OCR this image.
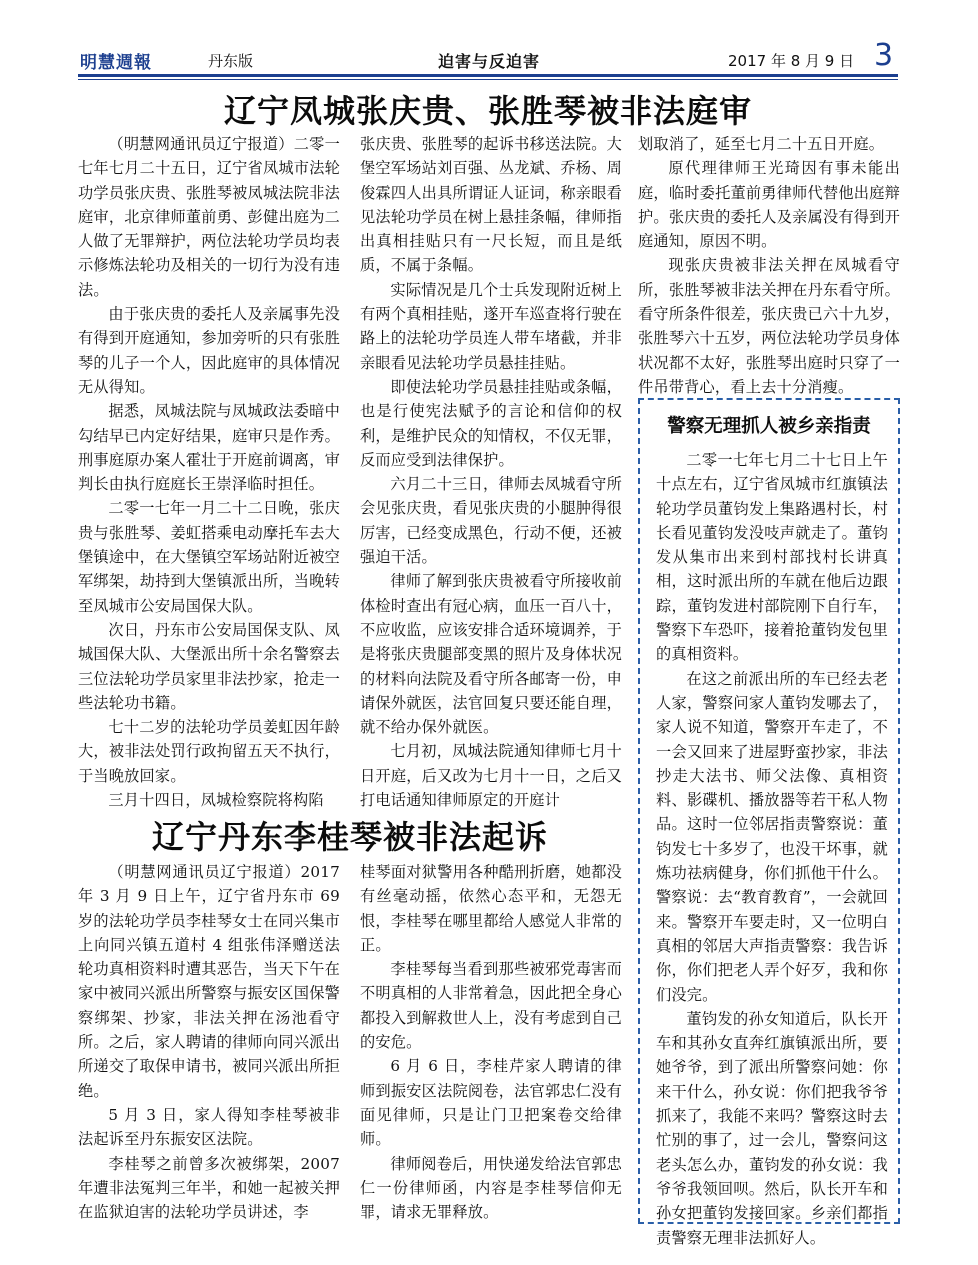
明慧週報	丹东版	迫害与反迫害	2017 年 8 月 9 日 3
辽宁凤城张庆贵、张胜琴被非法庭审

（明慧网通讯员辽宁报道）二零一七年七月二十五日，辽宁省凤城市法轮功学员张庆贵、张胜琴被凤城法院非法庭审，北京律师董前勇、彭健出庭为二人做了无罪辩护，两位法轮功学员均表示修炼法轮功及相关的一切行为没有违法。

由于张庆贵的委托人及亲属事先没有得到开庭通知，参加旁听的只有张胜琴的儿子一个人，因此庭审的具体情况无从得知。

据悉，凤城法院与凤城政法委暗中勾结早已内定好结果，庭审只是作秀。刑事庭原办案人霍壮于开庭前调离，审判长由执行庭庭长王崇泽临时担任。

二零一七年一月二十二日晚，张庆贵与张胜琴、姜虹搭乘电动摩托车去大堡镇途中，在大堡镇空军场站附近被空军绑架，劫持到大堡镇派出所，当晚转至凤城市公安局国保大队。

次日，丹东市公安局国保支队、凤城国保大队、大堡派出所十余名警察去三位法轮功学员家里非法抄家，抢走一些法轮功书籍。

七十二岁的法轮功学员姜虹因年龄大，被非法处罚行政拘留五天不执行，于当晚放回家。

三月十四日，凤城检察院将构陷

张庆贵、张胜琴的起诉书移送法院。大堡空军场站刘百强、丛龙斌、乔杨、周俊霖四人出具所谓证人证词，称亲眼看见法轮功学员在树上悬挂条幅，律师指出真相挂贴只有一尺长短，而且是纸质，不属于条幅。

实际情况是几个士兵发现附近树上有两个真相挂贴，遂开车巡查将行驶在路上的法轮功学员连人带车堵截，并非亲眼看见法轮功学员悬挂挂贴。

即使法轮功学员悬挂挂贴或条幅，也是行使宪法赋予的言论和信仰的权利，是维护民众的知情权，不仅无罪，反而应受到法律保护。

六月二十三日，律师去凤城看守所会见张庆贵，看见张庆贵的小腿肿得很厉害，已经变成黑色，行动不便，还被强迫干活。

律师了解到张庆贵被看守所接收前体检时查出有冠心病，血压一百八十，不应收监，应该安排合适环境调养，于是将张庆贵腿部变黑的照片及身体状况的材料向法院及看守所各邮寄一份，申请保外就医，法官回复只要还能自理，就不给办保外就医。

七月初，凤城法院通知律师七月十日开庭，后又改为七月十一日，之后又打电话通知律师原定的开庭计

划取消了，延至七月二十五日开庭。

原代理律师王光琦因有事未能出庭，临时委托董前勇律师代替他出庭辩护。张庆贵的委托人及亲属没有得到开庭通知，原因不明。

现张庆贵被非法关押在凤城看守所，张胜琴被非法关押在丹东看守所。看守所条件很差，张庆贵已六十九岁，张胜琴六十五岁，两位法轮功学员身体状况都不太好，张胜琴出庭时只穿了一件吊带背心，看上去十分消瘦。

警察无理抓人被乡亲指责

二零一七年七月二十七日上午十点左右，辽宁省凤城市红旗镇法轮功学员董钧发上集路遇村长，村长看见董钧发没吱声就走了。董钧发从集市出来到村部找村长讲真相，这时派出所的车就在他后边跟踪，董钧发进村部院刚下自行车，警察下车恐吓，接着抢董钧发包里的真相资料。

在这之前派出所的车已经去老人家，警察问家人董钧发哪去了，家人说不知道，警察开车走了，不一会又回来了进屋野蛮抄家，非法抄走大法书、师父法像、真相资料、影碟机、播放器等若干私人物品。这时一位邻居指责警察说：董钧发七十多岁了，也没干坏事，就炼功祛病健身，你们抓他干什么。警察说：去“教育教育”，一会就回来。警察开车要走时，又一位明白真相的邻居大声指责警察：我告诉你，你们把老人弄个好歹，我和你们没完。

董钧发的孙女知道后，队长开车和其孙女直奔红旗镇派出所，要她爷爷，到了派出所警察问她：你来干什么，孙女说：你们把我爷爷抓来了，我能不来吗？警察这时去忙别的事了，过一会儿，警察问这老头怎么办，董钧发的孙女说：我爷爷我领回呗。然后，队长开车和孙女把董钧发接回家。乡亲们都指责警察无理非法抓好人。

辽宁丹东李桂琴被非法起诉

（明慧网通讯员辽宁报道）2017年 3 月 9 日上午，辽宁省丹东市 69岁的法轮功学员李桂琴女士在同兴集市上向同兴镇五道村 4 组张伟泽赠送法轮功真相资料时遭其恶告，当天下午在家中被同兴派出所警察与振安区国保警察绑架、抄家，非法关押在汤池看守所。之后，家人聘请的律师向同兴派出所递交了取保申请书，被同兴派出所拒绝。

5 月 3 日，家人得知李桂琴被非法起诉至丹东振安区法院。

李桂琴之前曾多次被绑架，2007年遭非法冤判三年半，和她一起被关押在监狱迫害的法轮功学员讲述，李

桂琴面对狱警用各种酷刑折磨，她都没有丝毫动摇，依然心态平和，无怨无恨，李桂琴在哪里都给人感觉人非常的正。

李桂琴每当看到那些被邪党毒害而不明真相的人非常着急，因此把全身心都投入到解救世人上，没有考虑到自己的安危。

6 月 6 日，李桂芹家人聘请的律师到振安区法院阅卷，法官郭忠仁没有面见律师，只是让门卫把案卷交给律师。

律师阅卷后，用快递发给法官郭忠仁一份律师函，内容是李桂琴信仰无罪，请求无罪释放。
